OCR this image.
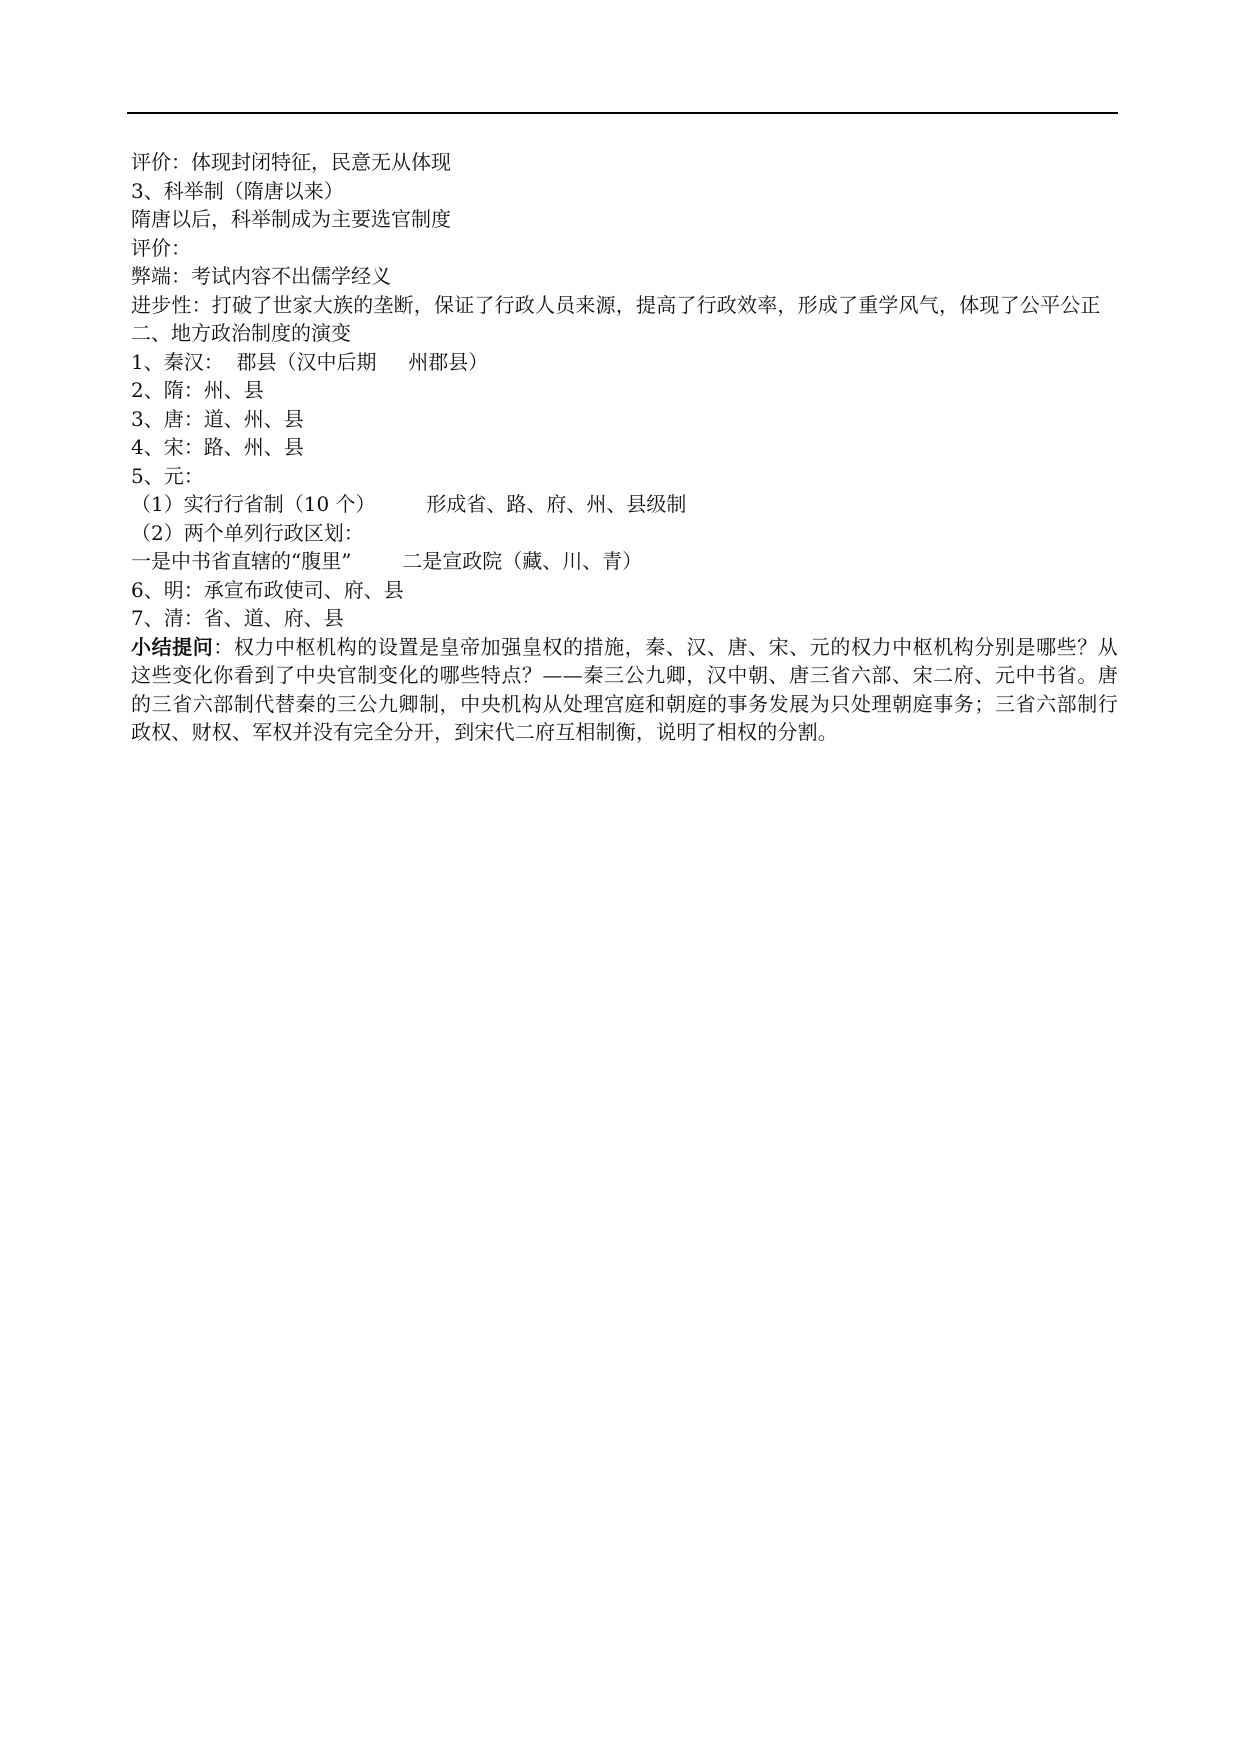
评价：体现封闭特征，民意无从体现

3、科举制（隋唐以来）

隋唐以后，科举制成为主要选官制度

评价：

弊端：考试内容不出儒学经义

进步性：打破了世家大族的垄断，保证了行政人员来源，提高了行政效率，形成了重学风气，体现了公平公正

二、地方政治制度的演变

1、秦汉：  郡县（汉中后期     州郡县）

2、隋：州、县

3、唐：道、州、县

4、宋：路、州、县

5、元：

（1）实行行省制（10 个）        形成省、路、府、州、县级制

（2）两个单列行政区划：

一是中书省直辖的“腹里”        二是宣政院（藏、川、青）

6、明：承宣布政使司、府、县

7、清：省、道、府、县

小结提问：权力中枢机构的设置是皇帝加强皇权的措施，秦、汉、唐、宋、元的权力中枢机构分别是哪些？从这些变化你看到了中央官制变化的哪些特点？——秦三公九卿，汉中朝、唐三省六部、宋二府、元中书省。唐的三省六部制代替秦的三公九卿制，中央机构从处理宫庭和朝庭的事务发展为只处理朝庭事务；三省六部制行政权、财权、军权并没有完全分开，到宋代二府互相制衡，说明了相权的分割。
